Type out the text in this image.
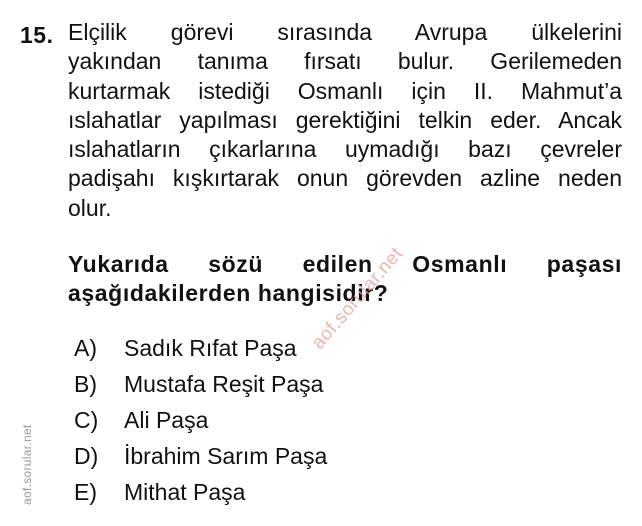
15. Elçilik görevi sırasında Avrupa ülkelerini
yakından tanıma fırsatı bulur. Gerilemeden
kurtarmak istediği Osmanlı için II. Mahmut’a
ıslahatlar yapılması gerektiğini telkin eder. Ancak
ıslahatların çıkarlarına uymadığı bazı çevreler
padişahı kışkırtarak onun görevden azline neden
olur.
Yukarıda sözü edilen Osmanlı paşası
aşağıdakilerden hangisidir?
A)	Sadık Rıfat Paşa
B)	Mustafa Reşit Paşa
C)	Ali Paşa
D)	İbrahim Sarım Paşa
E)	Mithat Paşa
aof.sorular.net
aof.sorular.net
